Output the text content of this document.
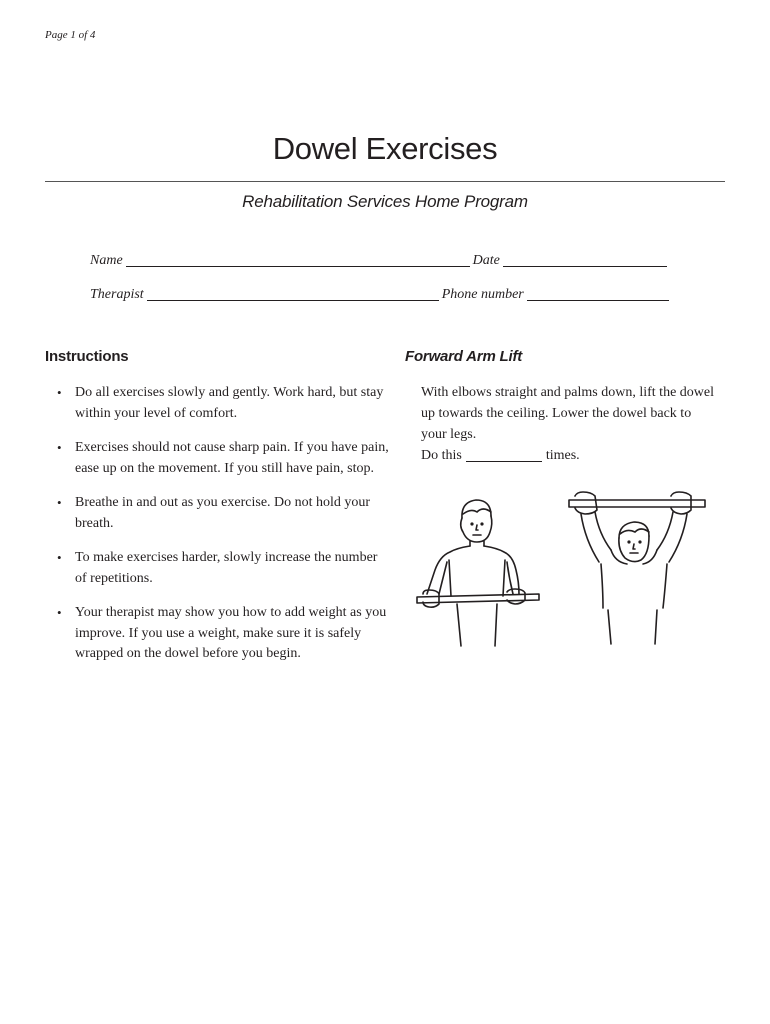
Page 1 of 4
Dowel Exercises
Rehabilitation Services Home Program
Name	Date
Therapist	Phone number
Instructions
• Do all exercises slowly and gently. Work hard, but stay within your level of comfort.
• Exercises should not cause sharp pain. If you have pain, ease up on the movement. If you still have pain, stop.
• Breathe in and out as you exercise. Do not hold your breath.
• To make exercises harder, slowly increase the number of repetitions.
• Your therapist may show you how to add weight as you improve. If you use a weight, make sure it is safely wrapped on the dowel before you begin.
Forward Arm Lift
With elbows straight and palms down, lift the dowel up towards the ceiling. Lower the dowel back to your legs.
Do this	times.
